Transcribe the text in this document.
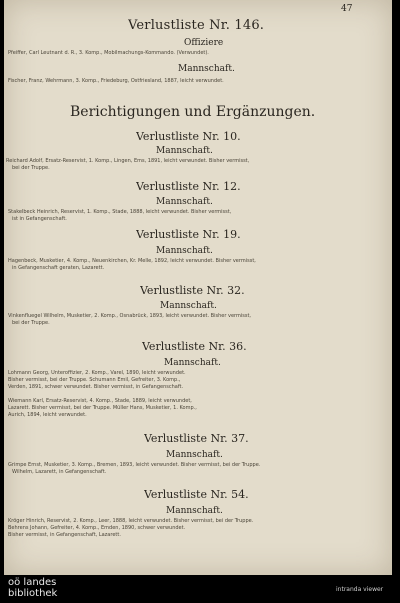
47
Verlustliste Nr. 146.
Offiziere
Pfeiffer, Carl Leutnant d. R., 3. Komp., Mobilmachungs-Kommando. (Verwundet).
Mannschaft.
Fischer, Franz, Wehrmann, 3. Komp., Friedeburg, Ostfriesland, 1887, leicht verwundet.
Berichtigungen und Ergänzungen.
Verlustliste Nr. 10.
Mannschaft.
Reichard Adolf, Ersatz-Reservist, 1. Komp., Lingen, Ems, 1891, leicht verwundet. Bisher vermisst,
bei der Truppe.
Verlustliste Nr. 12.
Mannschaft.
Stakelbeck Heinrich, Reservist, 1. Komp., Stade, 1888, leicht verwundet. Bisher vermisst,
ist in Gefangenschaft.
Verlustliste Nr. 19.
Mannschaft.
Hagenbeck, Musketier, 4. Komp., Neuenkirchen, Kr. Melle, 1892, leicht verwundet. Bisher vermisst,
in Gefangenschaft geraten, Lazarett.
Verlustliste Nr. 32.
Mannschaft.
Vinkenfluegel Wilhelm, Musketier, 2. Komp., Osnabrück, 1893, leicht verwundet. Bisher vermisst,
bei der Truppe.
Verlustliste Nr. 36.
Mannschaft.
Lohmann Georg, Unteroffizier, 2. Komp., Varel, 1890, leicht verwundet.
Bisher vermisst, bei der Truppe. Schumann Emil, Gefreiter, 3. Komp.,
Verden, 1891, schwer verwundet. Bisher vermisst, in Gefangenschaft.
Wiemann Karl, Ersatz-Reservist, 4. Komp., Stade, 1889, leicht verwundet,
Lazarett. Bisher vermisst, bei der Truppe. Müller Hans, Musketier, 1. Komp.,
Aurich, 1894, leicht verwundet.
Verlustliste Nr. 37.
Mannschaft.
Grimpe Ernst, Musketier, 3. Komp., Bremen, 1893, leicht verwundet. Bisher vermisst, bei der Truppe.
Wilhelm, Lazarett, in Gefangenschaft.
Verlustliste Nr. 54.
Mannschaft.
Kröger Hinrich, Reservist, 2. Komp., Leer, 1888, leicht verwundet. Bisher vermisst, bei der Truppe.
Behrens Johann, Gefreiter, 4. Komp., Emden, 1890, schwer verwundet.
Bisher vermisst, in Gefangenschaft, Lazarett.
oö landes
bibliothek	intranda viewer
